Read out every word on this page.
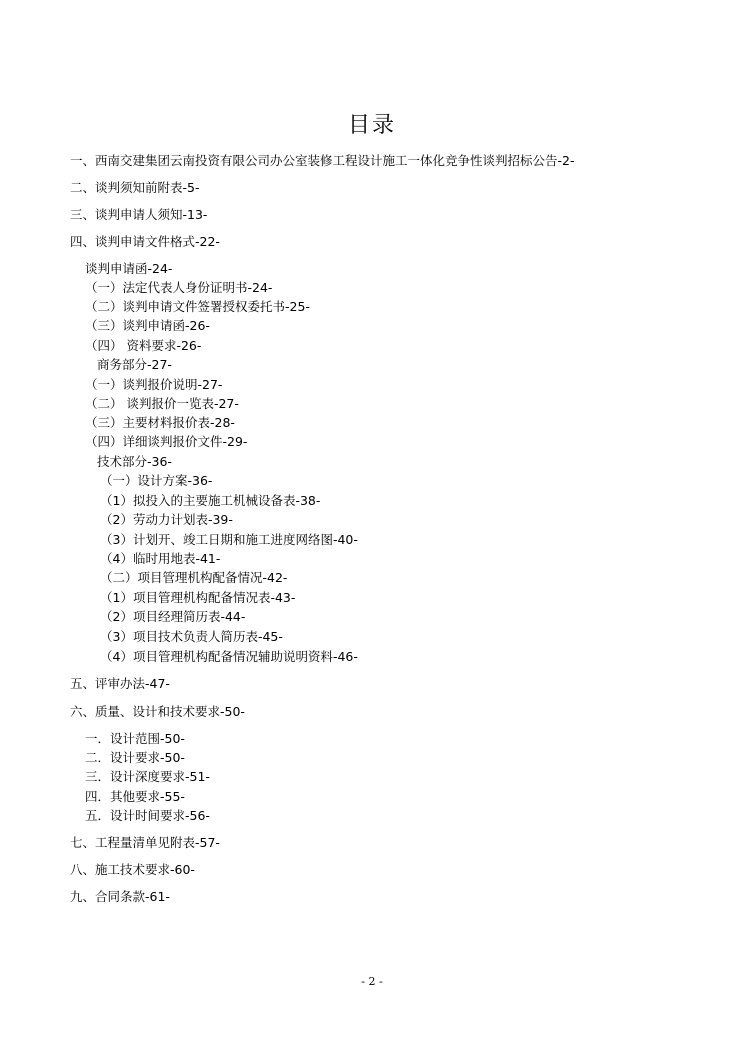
目录
一、西南交建集团云南投资有限公司办公室装修工程设计施工一体化竞争性谈判招标公告-2-
二、谈判须知前附表-5-
三、谈判申请人须知-13-
四、谈判申请文件格式-22-
谈判申请函-24-
（一）法定代表人身份证明书-24-
（二）谈判申请文件签署授权委托书-25-
（三）谈判申请函-26-
（四） 资料要求-26-
商务部分-27-
（一）谈判报价说明-27-
（二） 谈判报价一览表-27-
（三）主要材料报价表-28-
（四）详细谈判报价文件-29-
技术部分-36-
（一）设计方案-36-
（1）拟投入的主要施工机械设备表-38-
（2）劳动力计划表-39-
（3）计划开、竣工日期和施工进度网络图-40-
（4）临时用地表-41-
（二）项目管理机构配备情况-42-
（1）项目管理机构配备情况表-43-
（2）项目经理简历表-44-
（3）项目技术负责人简历表-45-
（4）项目管理机构配备情况辅助说明资料-46-
五、评审办法-47-
六、质量、设计和技术要求-50-
一．设计范围-50-
二．设计要求-50-
三．设计深度要求-51-
四．其他要求-55-
五．设计时间要求-56-
七、工程量清单见附表-57-
八、施工技术要求-60-
九、合同条款-61-
- 2 -
